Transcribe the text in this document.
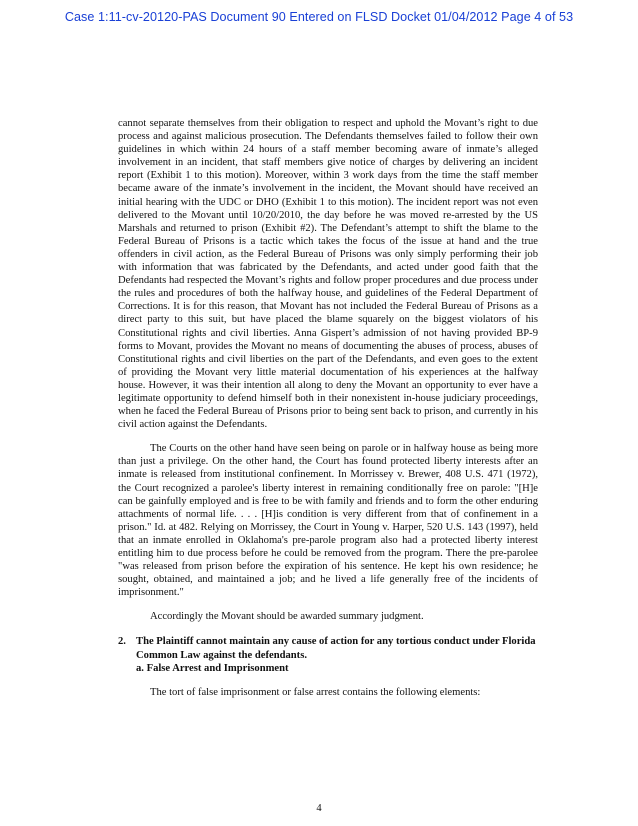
Case 1:11-cv-20120-PAS Document 90 Entered on FLSD Docket 01/04/2012 Page 4 of 53

cannot separate themselves from their obligation to respect and uphold the Movant’s right to due process and against malicious prosecution. The Defendants themselves failed to follow their own guidelines in which within 24 hours of a staff member becoming aware of inmate’s alleged involvement in an incident, that staff members give notice of charges by delivering an incident report (Exhibit 1 to this motion). Moreover, within 3 work days from the time the staff member became aware of the inmate’s involvement in the incident, the Movant should have received an initial hearing with the UDC or DHO (Exhibit 1 to this motion). The incident report was not even delivered to the Movant until 10/20/2010, the day before he was moved re-arrested by the US Marshals and returned to prison (Exhibit #2). The Defendant’s attempt to shift the blame to the Federal Bureau of Prisons is a tactic which takes the focus of the issue at hand and the true offenders in civil action, as the Federal Bureau of Prisons was only simply performing their job with information that was fabricated by the Defendants, and acted under good faith that the Defendants had respected the Movant’s rights and follow proper procedures and due process under the rules and procedures of both the halfway house, and guidelines of the Federal Department of Corrections. It is for this reason, that Movant has not included the Federal Bureau of Prisons as a direct party to this suit, but have placed the blame squarely on the biggest violators of his Constitutional rights and civil liberties. Anna Gispert’s admission of not having provided BP-9 forms to Movant, provides the Movant no means of documenting the abuses of process, abuses of Constitutional rights and civil liberties on the part of the Defendants, and even goes to the extent of providing the Movant very little material documentation of his experiences at the halfway house. However, it was their intention all along to deny the Movant an opportunity to ever have a legitimate opportunity to defend himself both in their nonexistent in-house judiciary proceedings, when he faced the Federal Bureau of Prisons prior to being sent back to prison, and currently in his civil action against the Defendants.

The Courts on the other hand have seen being on parole or in halfway house as being more than just a privilege. On the other hand, the Court has found protected liberty interests after an inmate is released from institutional confinement. In Morrissey v. Brewer, 408 U.S. 471 (1972), the Court recognized a parolee's liberty interest in remaining conditionally free on parole: "[H]e can be gainfully employed and is free to be with family and friends and to form the other enduring attachments of normal life. . . . [H]is condition is very different from that of confinement in a prison." Id. at 482. Relying on Morrissey, the Court in Young v. Harper, 520 U.S. 143 (1997), held that an inmate enrolled in Oklahoma's pre-parole program also had a protected liberty interest entitling him to due process before he could be removed from the program. There the pre-parolee "was released from prison before the expiration of his sentence. He kept his own residence; he sought, obtained, and maintained a job; and he lived a life generally free of the incidents of imprisonment."

Accordingly the Movant should be awarded summary judgment.

2. The Plaintiff cannot maintain any cause of action for any tortious conduct under Florida Common Law against the defendants.

a. False Arrest and Imprisonment

The tort of false imprisonment or false arrest contains the following elements:

4
